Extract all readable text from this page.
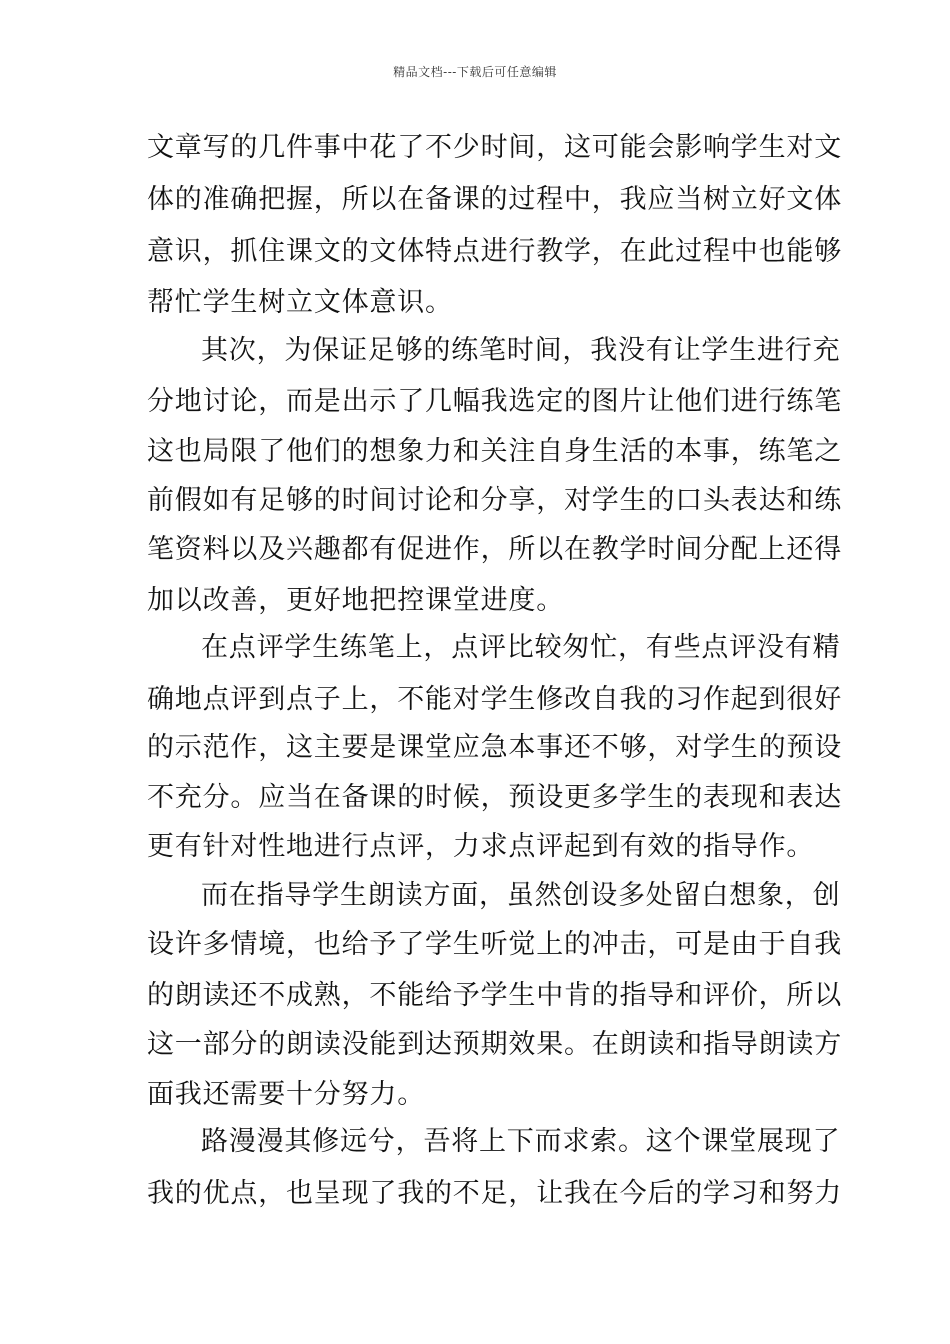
精品文档---下载后可任意编辑
文章写的几件事中花了不少时间，这可能会影响学生对文
体的准确把握，所以在备课的过程中，我应当树立好文体
意识，抓住课文的文体特点进行教学，在此过程中也能够
帮忙学生树立文体意识。
其次，为保证足够的练笔时间，我没有让学生进行充
分地讨论，而是出示了几幅我选定的图片让他们进行练笔
这也局限了他们的想象力和关注自身生活的本事，练笔之
前假如有足够的时间讨论和分享，对学生的口头表达和练
笔资料以及兴趣都有促进作，所以在教学时间分配上还得
加以改善，更好地把控课堂进度。
在点评学生练笔上，点评比较匆忙，有些点评没有精
确地点评到点子上，不能对学生修改自我的习作起到很好
的示范作，这主要是课堂应急本事还不够，对学生的预设
不充分。应当在备课的时候，预设更多学生的表现和表达
更有针对性地进行点评，力求点评起到有效的指导作。
而在指导学生朗读方面，虽然创设多处留白想象，创
设许多情境，也给予了学生听觉上的冲击，可是由于自我
的朗读还不成熟，不能给予学生中肯的指导和评价，所以
这一部分的朗读没能到达预期效果。在朗读和指导朗读方
面我还需要十分努力。
路漫漫其修远兮，吾将上下而求索。这个课堂展现了
我的优点，也呈现了我的不足，让我在今后的学习和努力
